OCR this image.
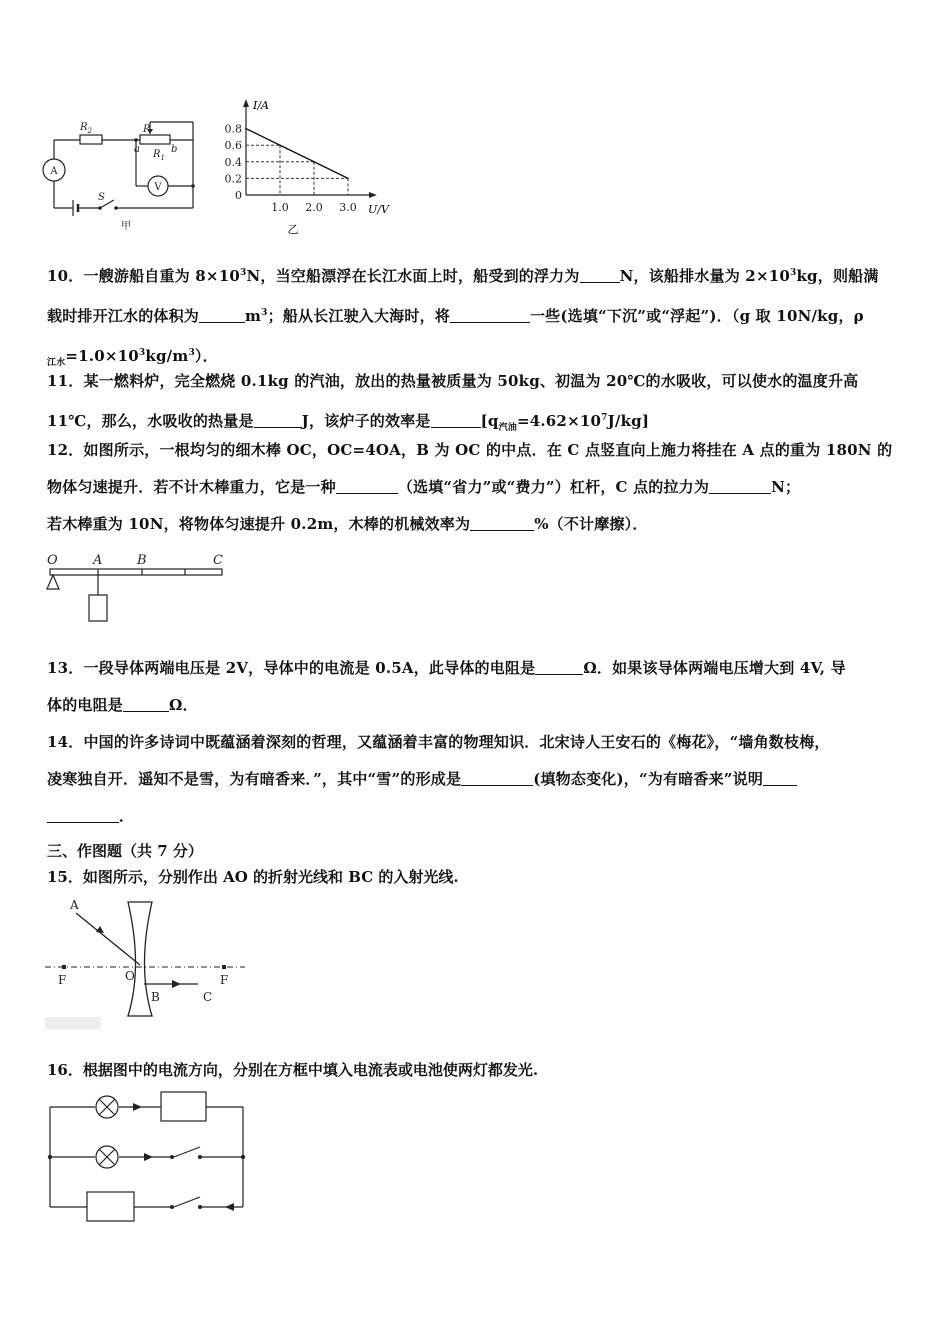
$R_2$	P
a	b
$R_1$
S
A
V
甲
I/A
U/V
0.8
0.6
0.4
0.2
0
1.0 2.0 3.0
乙
10．一艘游船自重为 $8\times 10^3N$，当空船漂浮在长江水面上时，船受到的浮力为	N，该船排水量为 $2\times 10^3kg$，则船满
载时排开江水的体积为	$m^3$；船从长江驶入大海时，将	一些(选填“下沉”或“浮起”)．（g 取 10N/kg，ρ
$_{江水}=1.0\times 10^3kg/m^3$）．
11．某一燃料炉，完全燃烧 0.1kg 的汽油，放出的热量被质量为 50kg、初温为 20℃的水吸收，可以使水的温度升高
11℃，那么，水吸收的热量是	J，该炉子的效率是	$[q_{汽油}=4.62\times 10^7J/kg]$
12．如图所示，一根均匀的细木棒 OC，OC=4OA，B 为 OC 的中点．在 C 点竖直向上施力将挂在 A 点的重为 180N 的
物体匀速提升．若不计木棒重力，它是一种	（选填“省力”或“费力”）杠杆，C 点的拉力为	N；
若木棒重为 10N，将物体匀速提升 0.2m，木棒的机械效率为	%（不计摩擦）．
O	A	B	C
13．一段导体两端电压是 2V，导体中的电流是 0.5A，此导体的电阻是	Ω．如果该导体两端电压增大到 4V, 导
体的电阻是	Ω．
14．中国的许多诗词中既蕴涵着深刻的哲理，又蕴涵着丰富的物理知识．北宋诗人王安石的《梅花》，“墙角数枝梅，
凌寒独自开．遥知不是雪，为有暗香来．”，其中“雪”的形成是	(填物态变化)，“为有暗香来”说明
．
三、作图题（共 7 分）
15．如图所示，分别作出 AO 的折射光线和 BC 的入射光线.
A
F	O
B	C
F
16．根据图中的电流方向，分别在方框中填入电流表或电池使两灯都发光.
